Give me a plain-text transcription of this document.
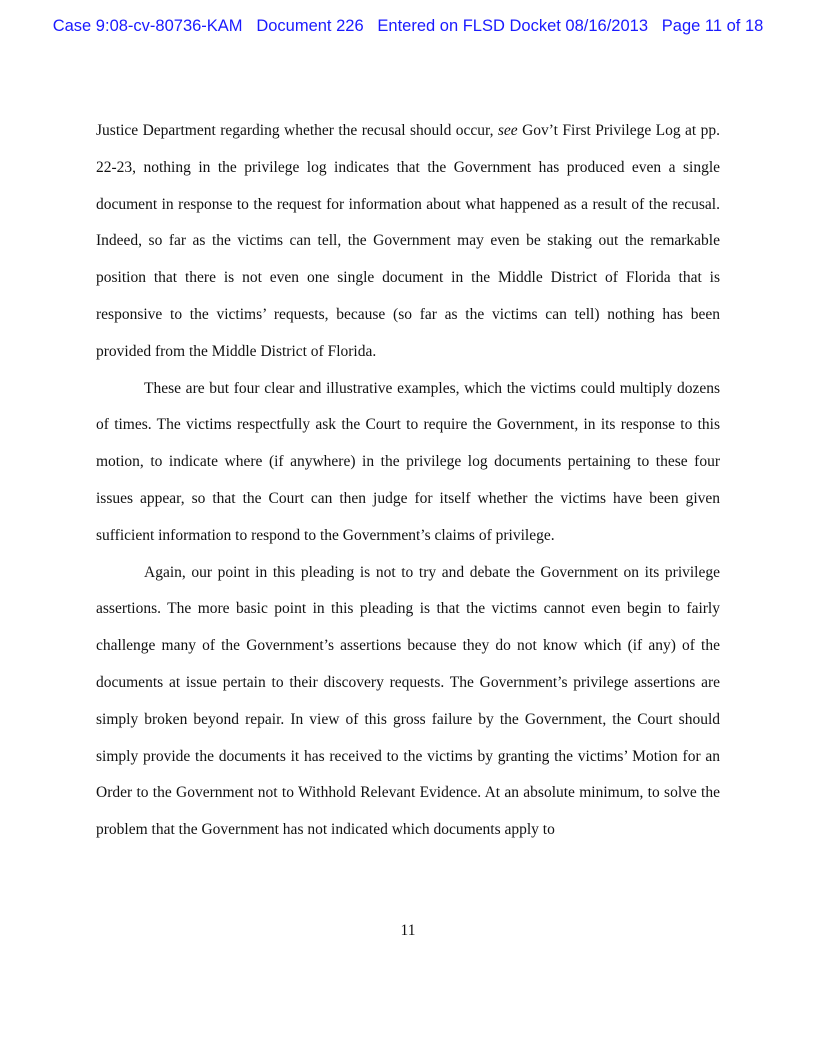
Case 9:08-cv-80736-KAM Document 226 Entered on FLSD Docket 08/16/2013 Page 11 of 18

Justice Department regarding whether the recusal should occur, see Gov’t First Privilege Log at pp. 22-23, nothing in the privilege log indicates that the Government has produced even a single document in response to the request for information about what happened as a result of the recusal. Indeed, so far as the victims can tell, the Government may even be staking out the remarkable position that there is not even one single document in the Middle District of Florida that is responsive to the victims’ requests, because (so far as the victims can tell) nothing has been provided from the Middle District of Florida.

These are but four clear and illustrative examples, which the victims could multiply dozens of times. The victims respectfully ask the Court to require the Government, in its response to this motion, to indicate where (if anywhere) in the privilege log documents pertaining to these four issues appear, so that the Court can then judge for itself whether the victims have been given sufficient information to respond to the Government’s claims of privilege.

Again, our point in this pleading is not to try and debate the Government on its privilege assertions. The more basic point in this pleading is that the victims cannot even begin to fairly challenge many of the Government’s assertions because they do not know which (if any) of the documents at issue pertain to their discovery requests. The Government’s privilege assertions are simply broken beyond repair. In view of this gross failure by the Government, the Court should simply provide the documents it has received to the victims by granting the victims’ Motion for an Order to the Government not to Withhold Relevant Evidence. At an absolute minimum, to solve the problem that the Government has not indicated which documents apply to

11
